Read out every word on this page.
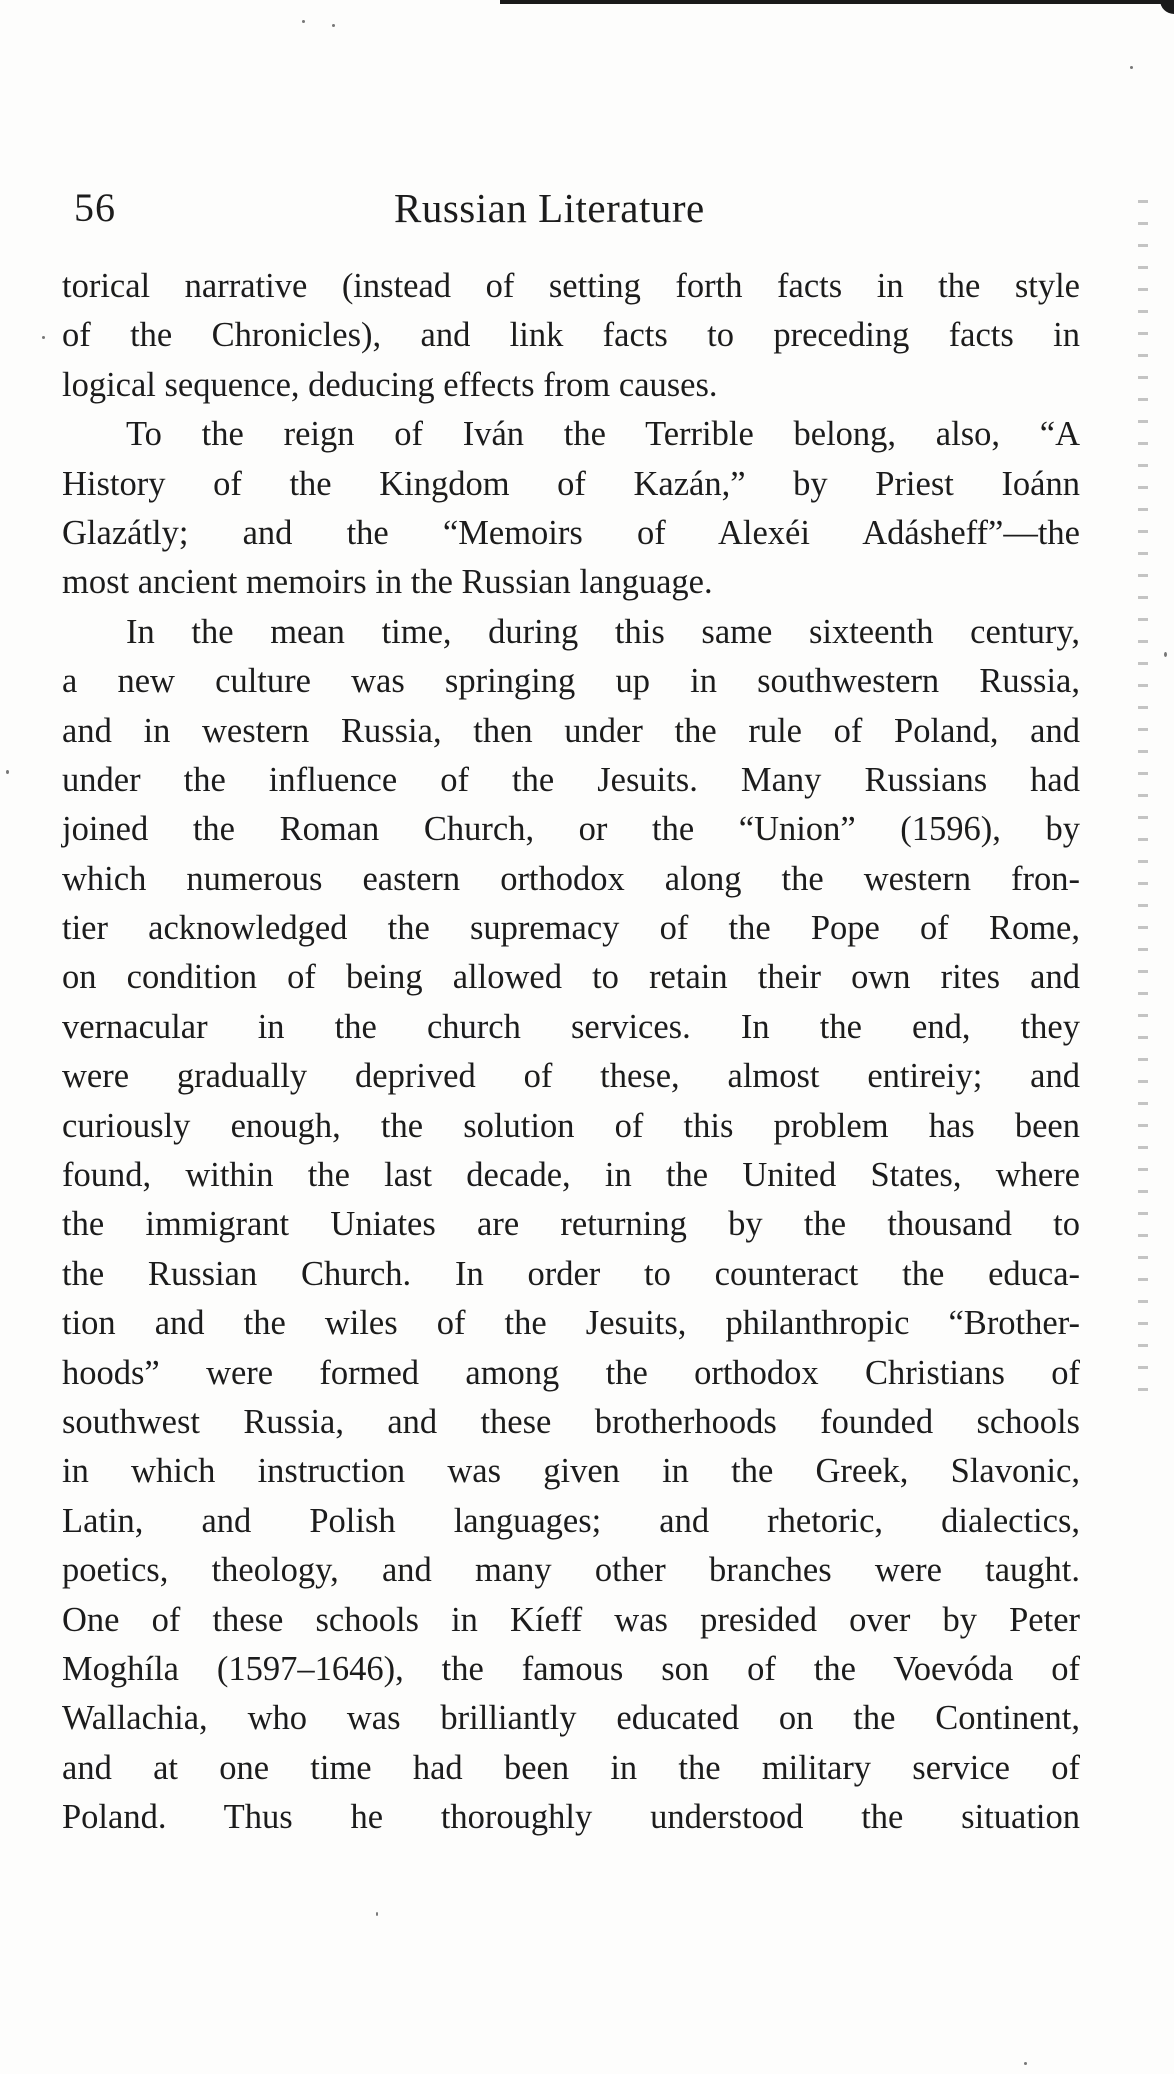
56	Russian Literature
torical narrative (instead of setting forth facts in the style
of the Chronicles), and link facts to preceding facts in
logical sequence, deducing effects from causes.
To the reign of Iván the Terrible belong, also, “A
History of the Kingdom of Kazán,” by Priest Ioánn
Glazátly; and the “Memoirs of Alexéi Adásheff”—the
most ancient memoirs in the Russian language.
In the mean time, during this same sixteenth century,
a new culture was springing up in southwestern Russia,
and in western Russia, then under the rule of Poland, and
under the influence of the Jesuits. Many Russians had
joined the Roman Church, or the “Union” (1596), by
which numerous eastern orthodox along the western fron-
tier acknowledged the supremacy of the Pope of Rome,
on condition of being allowed to retain their own rites and
vernacular in the church services. In the end, they
were gradually deprived of these, almost entireiy; and
curiously enough, the solution of this problem has been
found, within the last decade, in the United States, where
the immigrant Uniates are returning by the thousand to
the Russian Church. In order to counteract the educa-
tion and the wiles of the Jesuits, philanthropic “Brother-
hoods” were formed among the orthodox Christians of
southwest Russia, and these brotherhoods founded schools
in which instruction was given in the Greek, Slavonic,
Latin, and Polish languages; and rhetoric, dialectics,
poetics, theology, and many other branches were taught.
One of these schools in Kíeff was presided over by Peter
Moghíla (1597–1646), the famous son of the Voevóda of
Wallachia, who was brilliantly educated on the Continent,
and at one time had been in the military service of
Poland. Thus he thoroughly understood the situation
